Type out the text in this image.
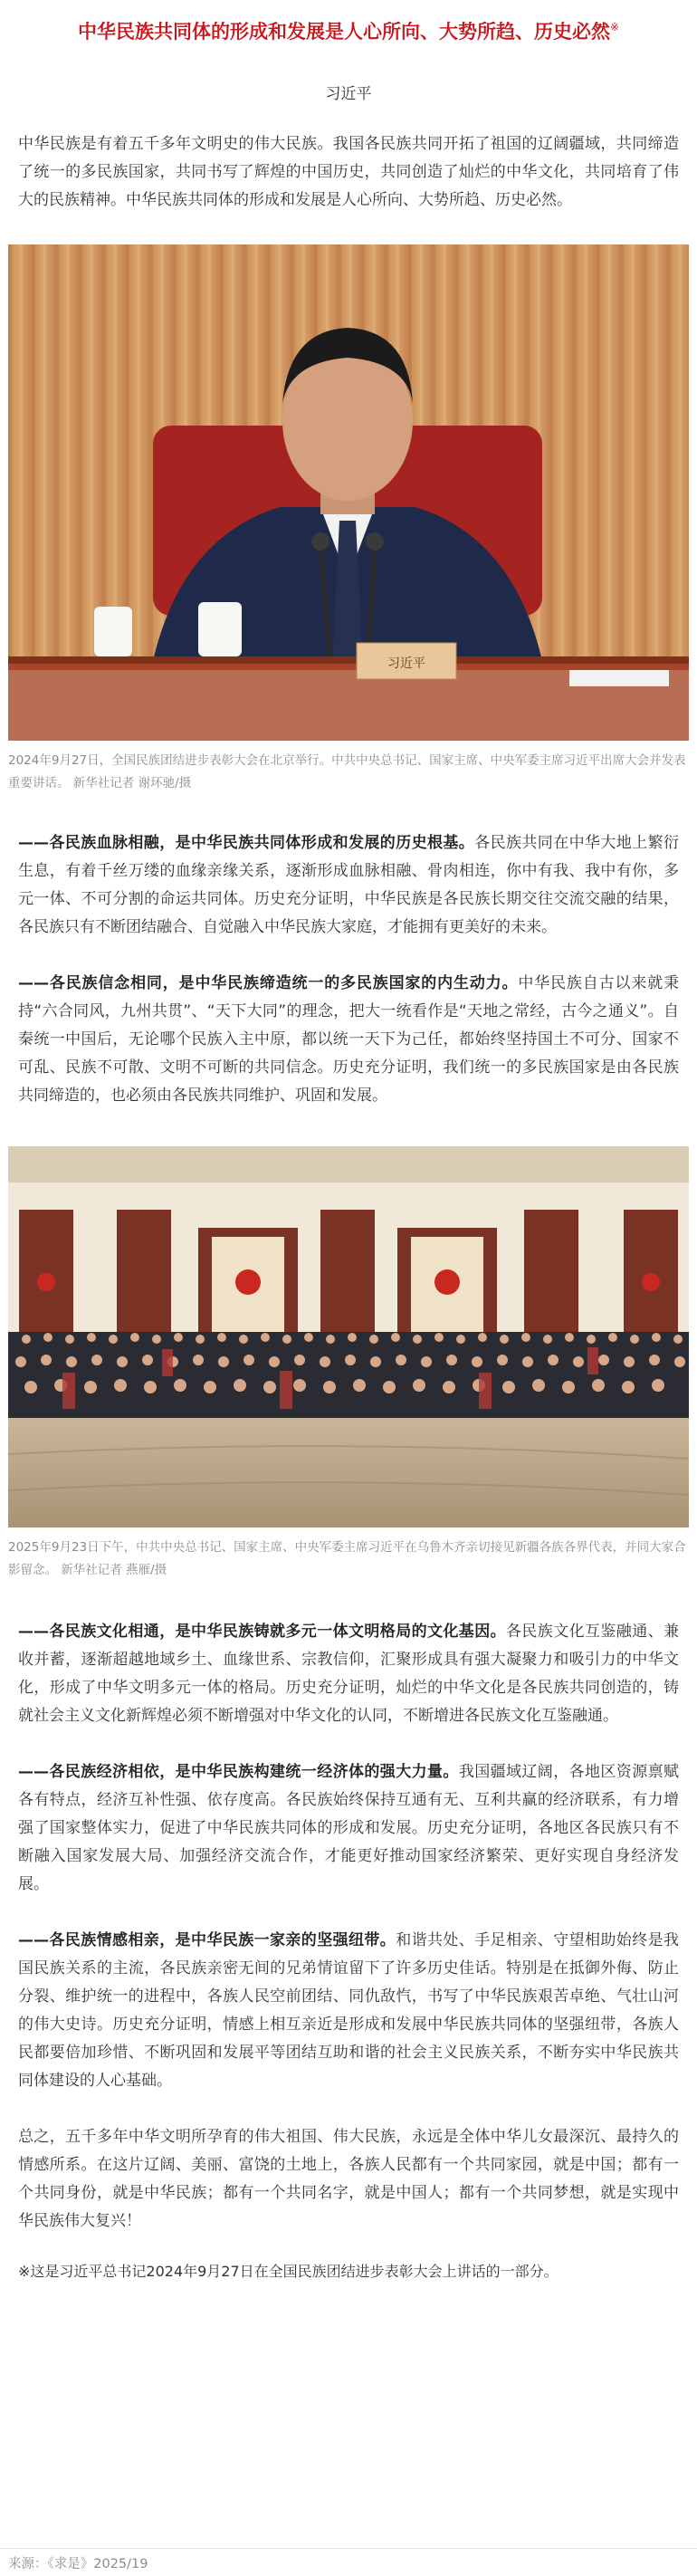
中华民族共同体的形成和发展是人心所向、大势所趋、历史必然※
习近平

中华民族是有着五千多年文明史的伟大民族。我国各民族共同开拓了祖国的辽阔疆域，共同缔造了统一的多民族国家，共同书写了辉煌的中国历史，共同创造了灿烂的中华文化，共同培育了伟大的民族精神。中华民族共同体的形成和发展是人心所向、大势所趋、历史必然。

习近平
2024年9月27日，全国民族团结进步表彰大会在北京举行。中共中央总书记、国家主席、中央军委主席习近平出席大会并发表重要讲话。 新华社记者 谢环驰/摄

——各民族血脉相融，是中华民族共同体形成和发展的历史根基。各民族共同在中华大地上繁衍生息，有着千丝万缕的血缘亲缘关系，逐渐形成血脉相融、骨肉相连，你中有我、我中有你，多元一体、不可分割的命运共同体。历史充分证明，中华民族是各民族长期交往交流交融的结果，各民族只有不断团结融合、自觉融入中华民族大家庭，才能拥有更美好的未来。

——各民族信念相同，是中华民族缔造统一的多民族国家的内生动力。中华民族自古以来就秉持“六合同风，九州共贯”、“天下大同”的理念，把大一统看作是“天地之常经，古今之通义”。自秦统一中国后，无论哪个民族入主中原，都以统一天下为己任，都始终坚持国土不可分、国家不可乱、民族不可散、文明不可断的共同信念。历史充分证明，我们统一的多民族国家是由各民族共同缔造的，也必须由各民族共同维护、巩固和发展。

2025年9月23日下午，中共中央总书记、国家主席、中央军委主席习近平在乌鲁木齐亲切接见新疆各族各界代表，并同大家合影留念。 新华社记者 燕雁/摄

——各民族文化相通，是中华民族铸就多元一体文明格局的文化基因。各民族文化互鉴融通、兼收并蓄，逐渐超越地域乡土、血缘世系、宗教信仰，汇聚形成具有强大凝聚力和吸引力的中华文化，形成了中华文明多元一体的格局。历史充分证明，灿烂的中华文化是各民族共同创造的，铸就社会主义文化新辉煌必须不断增强对中华文化的认同，不断增进各民族文化互鉴融通。

——各民族经济相依，是中华民族构建统一经济体的强大力量。我国疆域辽阔，各地区资源禀赋各有特点，经济互补性强、依存度高。各民族始终保持互通有无、互利共赢的经济联系，有力增强了国家整体实力，促进了中华民族共同体的形成和发展。历史充分证明，各地区各民族只有不断融入国家发展大局、加强经济交流合作，才能更好推动国家经济繁荣、更好实现自身经济发展。

——各民族情感相亲，是中华民族一家亲的坚强纽带。和谐共处、手足相亲、守望相助始终是我国民族关系的主流，各民族亲密无间的兄弟情谊留下了许多历史佳话。特别是在抵御外侮、防止分裂、维护统一的进程中，各族人民空前团结、同仇敌忾，书写了中华民族艰苦卓绝、气壮山河的伟大史诗。历史充分证明，情感上相互亲近是形成和发展中华民族共同体的坚强纽带，各族人民都要倍加珍惜、不断巩固和发展平等团结互助和谐的社会主义民族关系，不断夯实中华民族共同体建设的人心基础。

总之，五千多年中华文明所孕育的伟大祖国、伟大民族，永远是全体中华儿女最深沉、最持久的情感所系。在这片辽阔、美丽、富饶的土地上，各族人民都有一个共同家园，就是中国；都有一个共同身份，就是中华民族；都有一个共同名字，就是中国人；都有一个共同梦想，就是实现中华民族伟大复兴！

※这是习近平总书记2024年9月27日在全国民族团结进步表彰大会上讲话的一部分。

来源：《求是》2025/19
